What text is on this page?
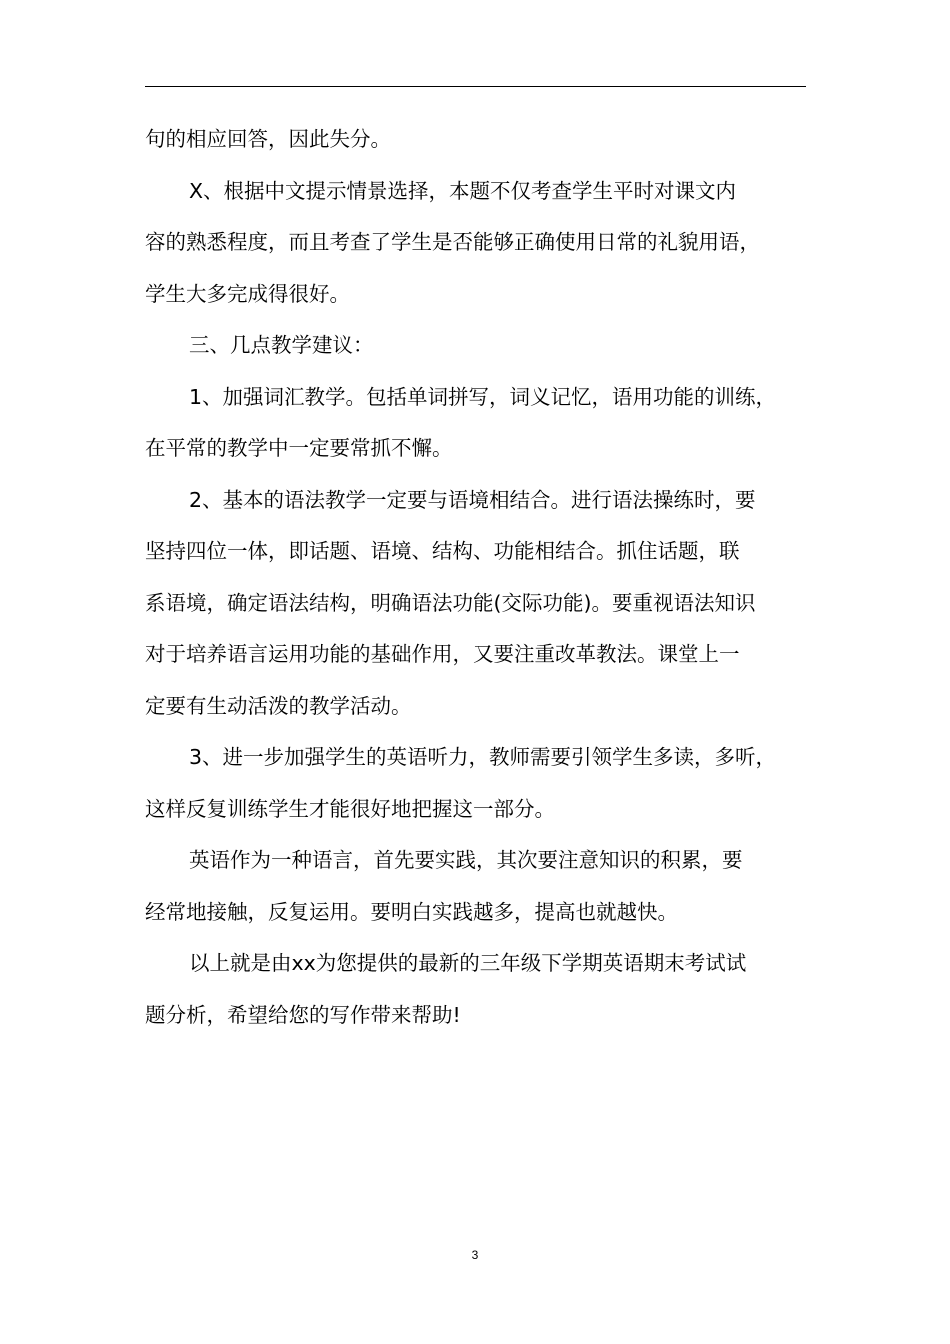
句的相应回答，因此失分。

Ⅹ、根据中文提示情景选择，本题不仅考查学生平时对课文内
容的熟悉程度，而且考查了学生是否能够正确使用日常的礼貌用语，
学生大多完成得很好。

三、几点教学建议：

1、加强词汇教学。包括单词拼写，词义记忆，语用功能的训练，
在平常的教学中一定要常抓不懈。

2、基本的语法教学一定要与语境相结合。进行语法操练时，要
坚持四位一体，即话题、语境、结构、功能相结合。抓住话题，联
系语境，确定语法结构，明确语法功能(交际功能)。要重视语法知识
对于培养语言运用功能的基础作用，又要注重改革教法。课堂上一
定要有生动活泼的教学活动。

3、进一步加强学生的英语听力，教师需要引领学生多读，多听，
这样反复训练学生才能很好地把握这一部分。

英语作为一种语言，首先要实践，其次要注意知识的积累，要
经常地接触，反复运用。要明白实践越多，提高也就越快。

以上就是由xx为您提供的最新的三年级下学期英语期末考试试
题分析，希望给您的写作带来帮助!

3
